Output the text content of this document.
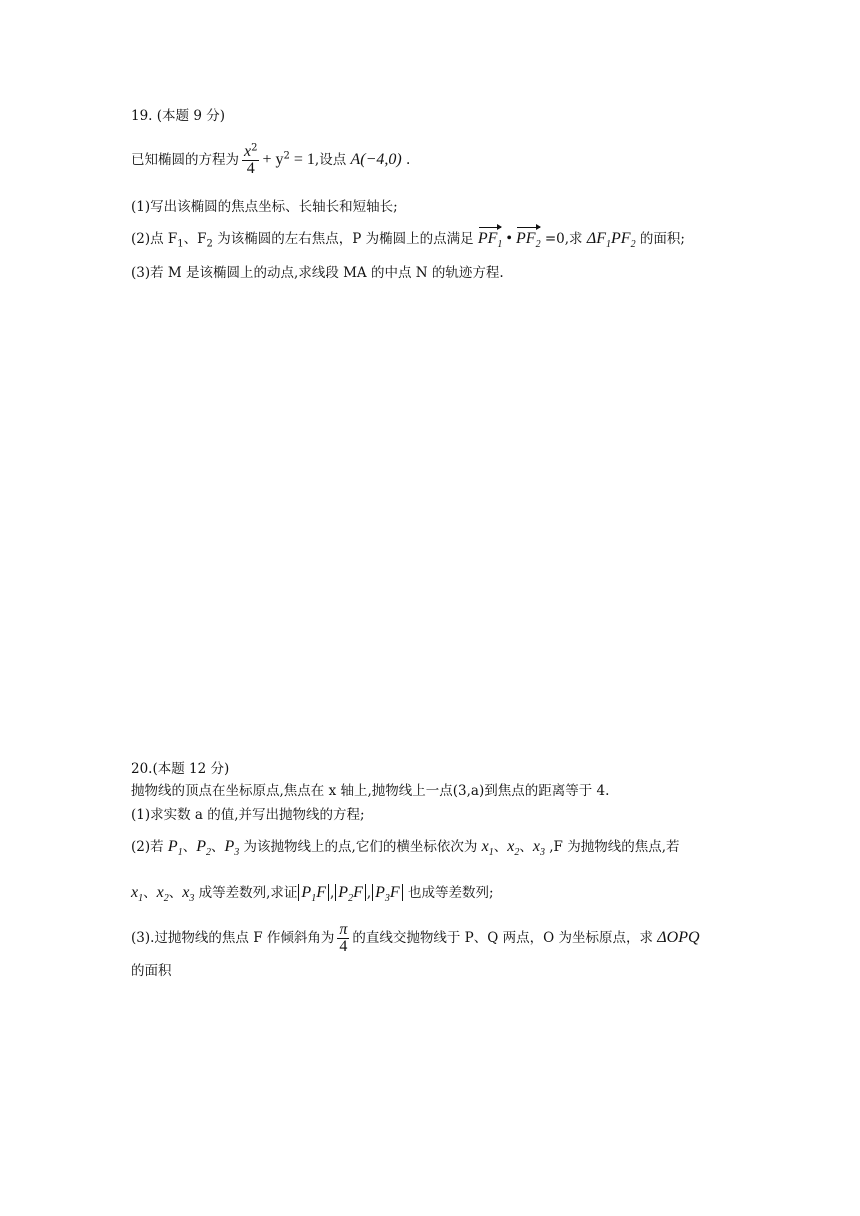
19. (本题 9 分)
已知椭圆的方程为 $\frac{x^2}{4} + y^2 = 1$,设点 A(−4,0) .
(1)写出该椭圆的焦点坐标、长轴长和短轴长;
(2)点 $F_1$、$F_2$ 为该椭圆的左右焦点，P 为椭圆上的点满足 $PF_1$ • $PF_2 =0$,求 $\Delta F_1PF_2$ 的面积;
(3)若 M 是该椭圆上的动点,求线段 MA 的中点 N 的轨迹方程.
20.(本题 12 分)
抛物线的顶点在坐标原点,焦点在 x 轴上,抛物线上一点(3,a)到焦点的距离等于 4.
(1)求实数 a 的值,并写出抛物线的方程;
(2)若 $P_1$、$P_2$、$P_3$ 为该抛物线上的点,它们的横坐标依次为 $x_1$、$x_2$、$x_3$ ,F 为抛物线的焦点,若
$x_1$、$x_2$、$x_3$ 成等差数列,求证 $P_1F$ , $P_2F$ , $P_3F$ 也成等差数列;
(3).过抛物线的焦点 F 作倾斜角为 $\frac{\pi}{4}$ 的直线交抛物线于 P、Q 两点，O 为坐标原点，求 ΔOPQ
的面积
